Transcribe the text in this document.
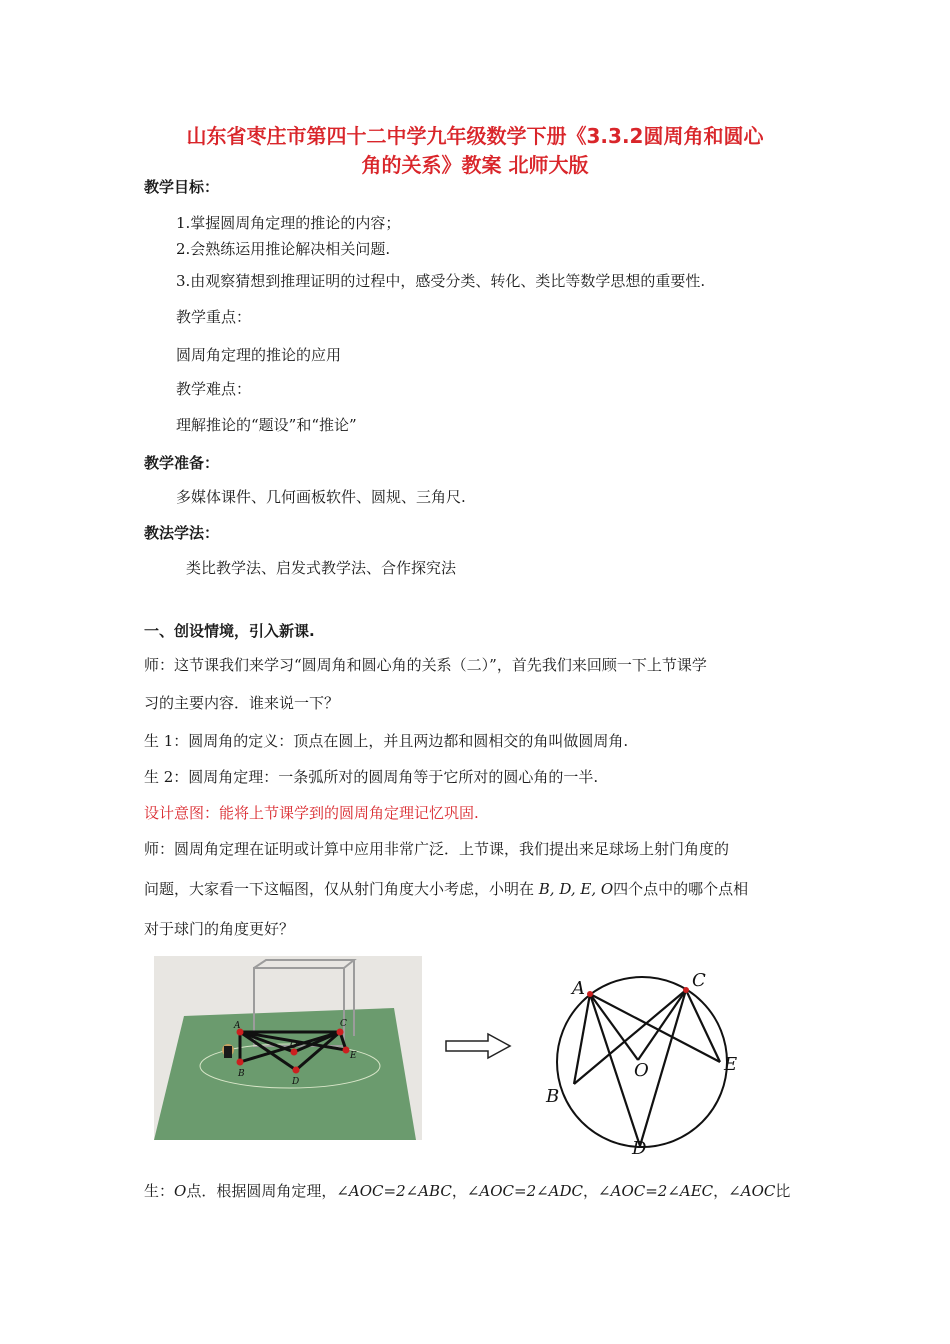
山东省枣庄市第四十二中学九年级数学下册《3.3.2圆周角和圆心
角的关系》教案 北师大版
教学目标：
1.掌握圆周角定理的推论的内容；
2.会熟练运用推论解决相关问题.
3.由观察猜想到推理证明的过程中，感受分类、转化、类比等数学思想的重要性.
教学重点：
圆周角定理的推论的应用
教学难点：
理解推论的“题设”和“推论”
教学准备：
多媒体课件、几何画板软件、圆规、三角尺.
教法学法：
类比教学法、启发式教学法、合作探究法
一、创设情境，引入新课.
师：这节课我们来学习“圆周角和圆心角的关系（二）”，首先我们来回顾一下上节课学
习的主要内容．谁来说一下？
生 1：圆周角的定义：顶点在圆上，并且两边都和圆相交的角叫做圆周角.
生 2：圆周角定理：一条弧所对的圆周角等于它所对的圆心角的一半.
设计意图：能将上节课学到的圆周角定理记忆巩固.
师：圆周角定理在证明或计算中应用非常广泛．上节课，我们提出来足球场上射门角度的
问题，大家看一下这幅图，仅从射门角度大小考虑，小明在 B, D, E, O四个点中的哪个点相
对于球门的角度更好？
A	C
O
B
D
E
A	C
O	E
B
D
生：O点．根据圆周角定理，∠AOC=2∠ABC，∠AOC=2∠ADC，∠AOC=2∠AEC，∠AOC比
